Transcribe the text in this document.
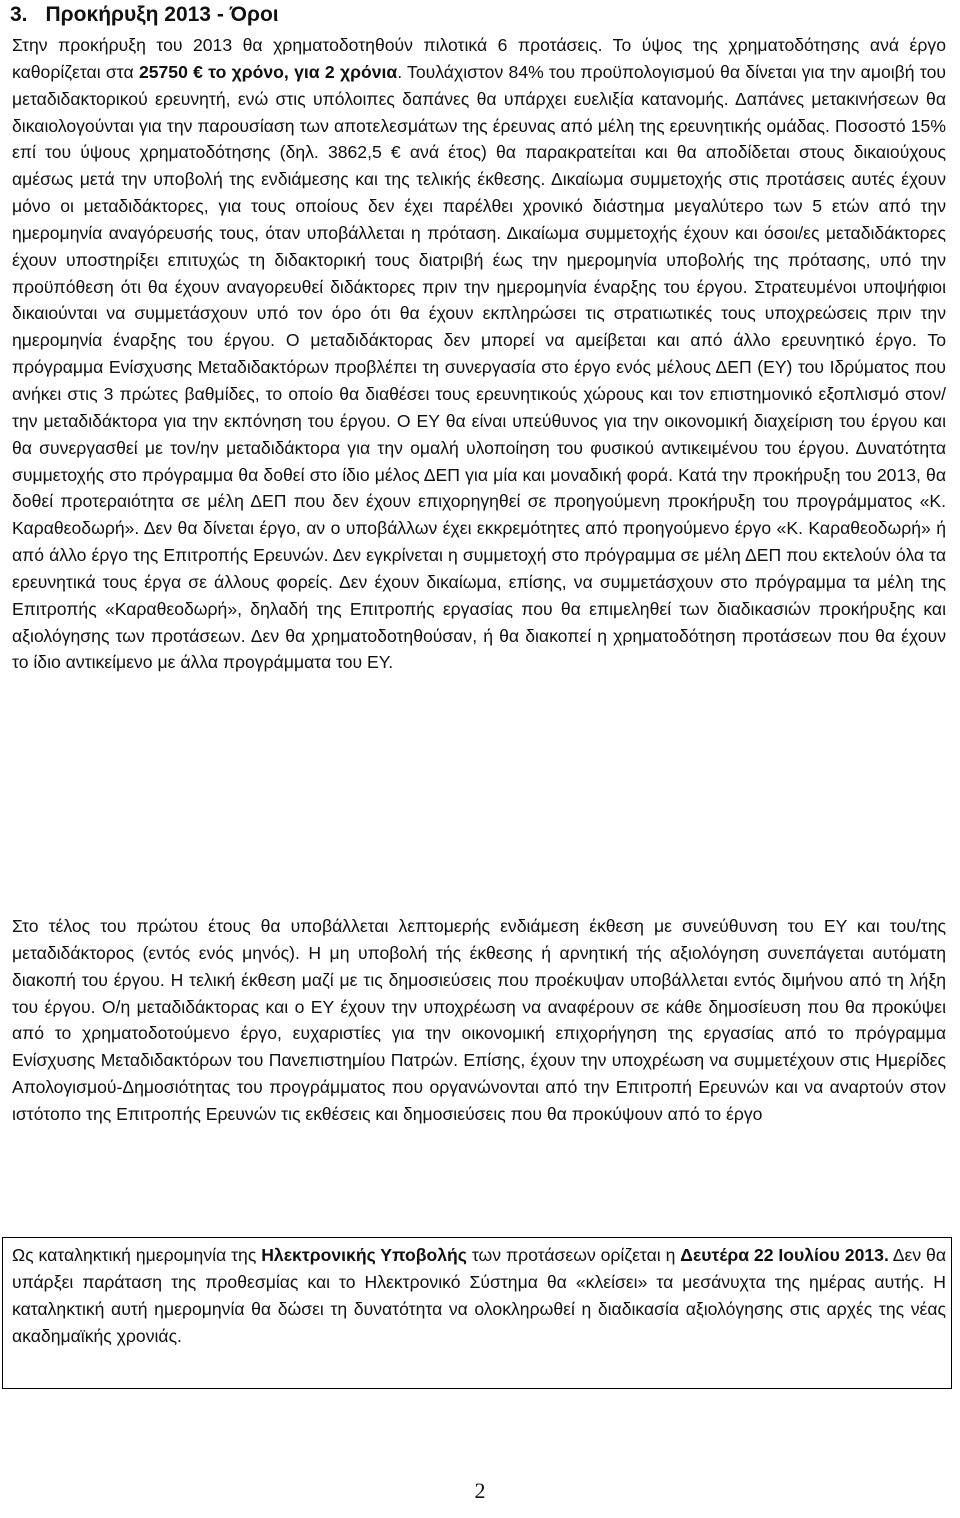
3. Προκήρυξη 2013 - Όροι

Στην προκήρυξη του 2013 θα χρηματοδοτηθούν πιλοτικά 6 προτάσεις. Το ύψος της χρηματοδότησης ανά έργο καθορίζεται στα 25750 € το χρόνο, για 2 χρόνια. Τουλάχιστον 84% του προϋπολογισμού θα δίνεται για την αμοιβή του μεταδιδακτορικού ερευνητή, ενώ στις υπόλοιπες δαπάνες θα υπάρχει ευελιξία κατανομής. Δαπάνες μετακινήσεων θα δικαιολογούνται για την παρουσίαση των αποτελεσμάτων της έρευνας από μέλη της ερευνητικής ομάδας. Ποσοστό 15% επί του ύψους χρηματοδότησης (δηλ. 3862,5 € ανά έτος) θα παρακρατείται και θα αποδίδεται στους δικαιούχους αμέσως μετά την υποβολή της ενδιάμεσης και της τελικής έκθεσης. Δικαίωμα συμμετοχής στις προτάσεις αυτές έχουν μόνο οι μεταδιδάκτορες, για τους οποίους δεν έχει παρέλθει χρονικό διάστημα μεγαλύτερο των 5 ετών από την ημερομηνία αναγόρευσής τους, όταν υποβάλλεται η πρόταση. Δικαίωμα συμμετοχής έχουν και όσοι/ες μεταδιδάκτορες έχουν υποστηρίξει επιτυχώς τη διδακτορική τους διατριβή έως την ημερομηνία υποβολής της πρότασης, υπό την προϋπόθεση ότι θα έχουν αναγορευθεί διδάκτορες πριν την ημερομηνία έναρξης του έργου. Στρατευμένοι υποψήφιοι δικαιούνται να συμμετάσχουν υπό τον όρο ότι θα έχουν εκπληρώσει τις στρατιωτικές τους υποχρεώσεις πριν την ημερομηνία έναρξης του έργου. Ο μεταδιδάκτορας δεν μπορεί να αμείβεται και από άλλο ερευνητικό έργο. Το πρόγραμμα Ενίσχυσης Μεταδιδακτόρων προβλέπει τη συνεργασία στο έργο ενός μέλους ΔΕΠ (ΕΥ) του Ιδρύματος που ανήκει στις 3 πρώτες βαθμίδες, το οποίο θα διαθέσει τους ερευνητικούς χώρους και τον επιστημονικό εξοπλισμό στον/την μεταδιδάκτορα για την εκπόνηση του έργου. Ο ΕΥ θα είναι υπεύθυνος για την οικονομική διαχείριση του έργου και θα συνεργασθεί με τον/ην μεταδιδάκτορα για την ομαλή υλοποίηση του φυσικού αντικειμένου του έργου. Δυνατότητα συμμετοχής στο πρόγραμμα θα δοθεί στο ίδιο μέλος ΔΕΠ για μία και μοναδική φορά. Κατά την προκήρυξη του 2013, θα δοθεί προτεραιότητα σε μέλη ΔΕΠ που δεν έχουν επιχορηγηθεί σε προηγούμενη προκήρυξη του προγράμματος «Κ. Καραθεοδωρή». Δεν θα δίνεται έργο, αν ο υποβάλλων έχει εκκρεμότητες από προηγούμενο έργο «Κ. Καραθεοδωρή» ή από άλλο έργο της Επιτροπής Ερευνών. Δεν εγκρίνεται η συμμετοχή στο πρόγραμμα σε μέλη ΔΕΠ που εκτελούν όλα τα ερευνητικά τους έργα σε άλλους φορείς. Δεν έχουν δικαίωμα, επίσης, να συμμετάσχουν στο πρόγραμμα τα μέλη της Επιτροπής «Καραθεοδωρή», δηλαδή της Επιτροπής εργασίας που θα επιμεληθεί των διαδικασιών προκήρυξης και αξιολόγησης των προτάσεων. Δεν θα χρηματοδοτηθούσαν, ή θα διακοπεί η χρηματοδότηση προτάσεων που θα έχουν το ίδιο αντικείμενο με άλλα προγράμματα του ΕΥ.

Στο τέλος του πρώτου έτους θα υποβάλλεται λεπτομερής ενδιάμεση έκθεση με συνεύθυνση του ΕΥ και του/της μεταδιδάκτορος (εντός ενός μηνός). Η μη υποβολή τής έκθεσης ή αρνητική τής αξιολόγηση συνεπάγεται αυτόματη διακοπή του έργου. Η τελική έκθεση μαζί με τις δημοσιεύσεις που προέκυψαν υποβάλλεται εντός διμήνου από τη λήξη του έργου. Ο/η μεταδιδάκτορας και ο ΕΥ έχουν την υποχρέωση να αναφέρουν σε κάθε δημοσίευση που θα προκύψει από το χρηματοδοτούμενο έργο, ευχαριστίες για την οικονομική επιχορήγηση της εργασίας από το πρόγραμμα Ενίσχυσης Μεταδιδακτόρων του Πανεπιστημίου Πατρών. Επίσης, έχουν την υποχρέωση να συμμετέχουν στις Ημερίδες Απολογισμού-Δημοσιότητας του προγράμματος που οργανώνονται από την Επιτροπή Ερευνών και να αναρτούν στον ιστότοπο της Επιτροπής Ερευνών τις εκθέσεις και δημοσιεύσεις που θα προκύψουν από το έργο

Ως καταληκτική ημερομηνία της Ηλεκτρονικής Υποβολής των προτάσεων ορίζεται η Δευτέρα 22 Ιουλίου 2013. Δεν θα υπάρξει παράταση της προθεσμίας και το Ηλεκτρονικό Σύστημα θα «κλείσει» τα μεσάνυχτα της ημέρας αυτής. Η καταληκτική αυτή ημερομηνία θα δώσει τη δυνατότητα να ολοκληρωθεί η διαδικασία αξιολόγησης στις αρχές της νέας ακαδημαϊκής χρονιάς.

2
